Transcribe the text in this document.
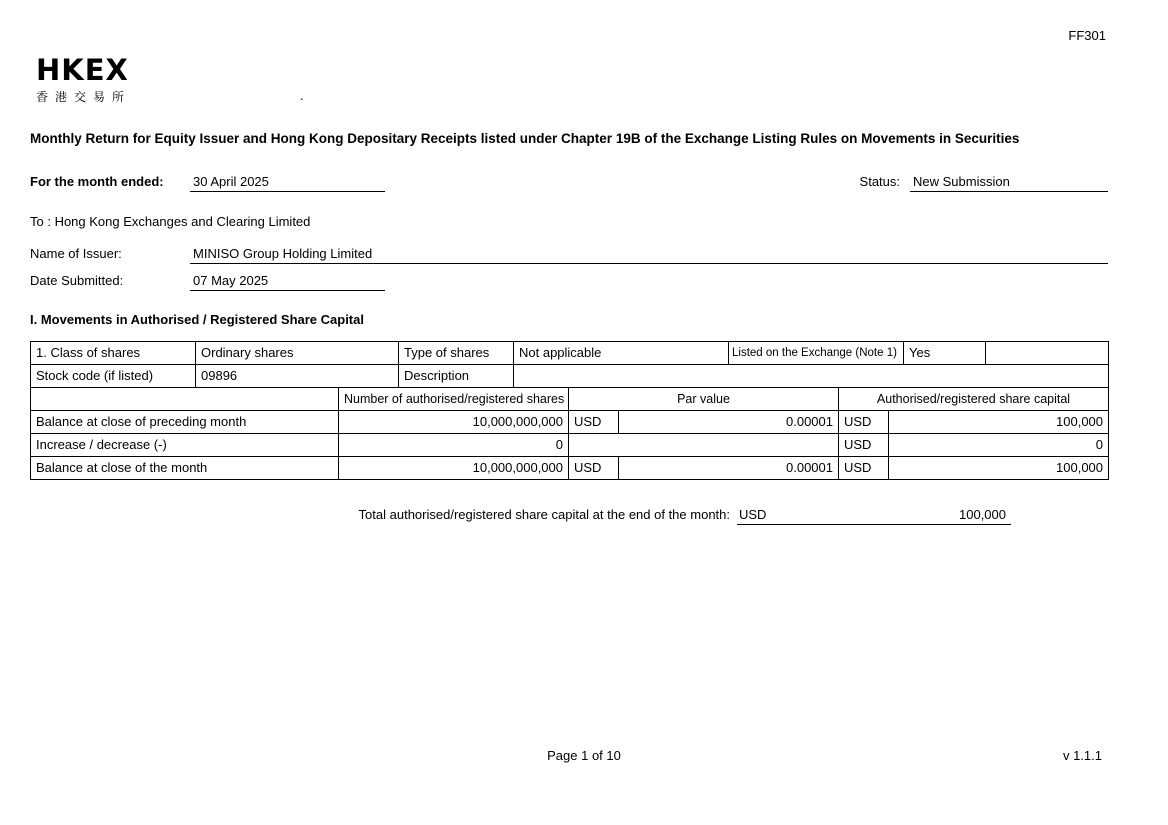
FF301
HKEX
香港交易所	.
Monthly Return for Equity Issuer and Hong Kong Depositary Receipts listed under Chapter 19B of the Exchange Listing Rules on Movements in Securities
For the month ended:	30 April 2025	Status: New Submission
To : Hong Kong Exchanges and Clearing Limited
Name of Issuer:	MINISO Group Holding Limited
Date Submitted:	07 May 2025
I. Movements in Authorised / Registered Share Capital
1. Class of shares	Ordinary shares	Type of shares	Not applicable	Listed on the Exchange (Note 1)	Yes	
Stock code (if listed)	09896	Description				
	Number of authorised/registered shares	Par value		Authorised/registered share capital	
Balance at close of preceding month	10,000,000,000	USD	0.00001	USD	100,000
Increase / decrease (-)	0			USD	0
Balance at close of the month	10,000,000,000	USD	0.00001	USD	100,000
Total authorised/registered share capital at the end of the month: USD	100,000
Page 1 of 10	v 1.1.1
